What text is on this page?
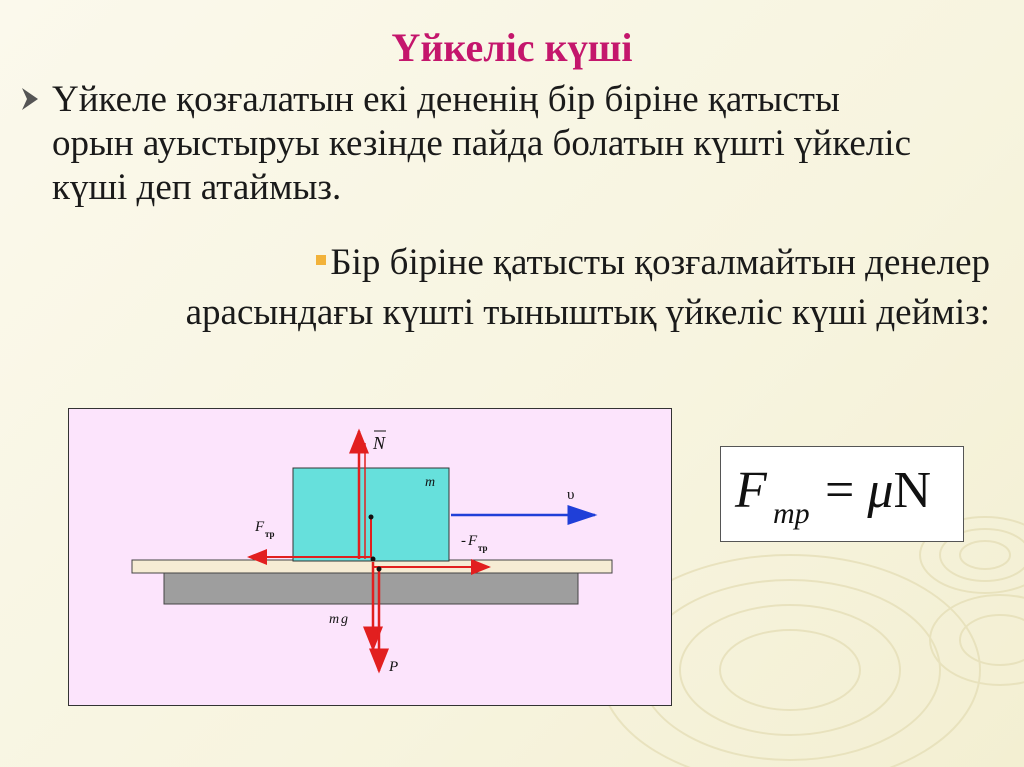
Үйкеліс күші
Үйкеле қозғалатын екі дененің бір біріне қатысты орын ауыстыруы кезінде пайда болатын күшті үйкеліс күші деп атаймыз.
Бір біріне қатысты қозғалмайтын денелер арасындағы күшті тыныштық үйкеліс күші дейміз:
N
m
υ
F тр	- F тр
m g
P
F тр = μN
